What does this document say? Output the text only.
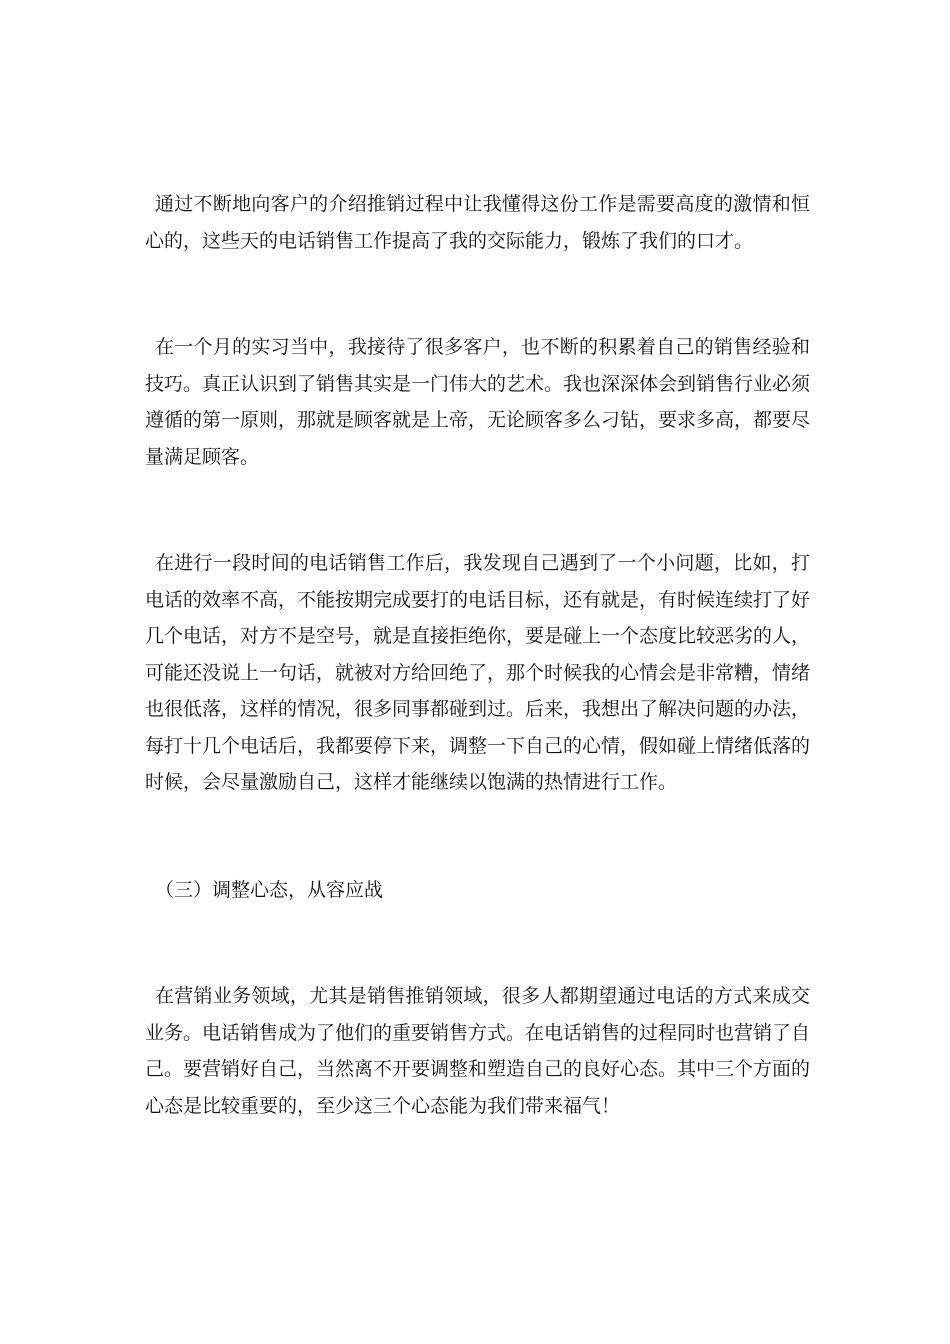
通过不断地向客户的介绍推销过程中让我懂得这份工作是需要高度的激情和恒心的，这些天的电话销售工作提高了我的交际能力，锻炼了我们的口才。

在一个月的实习当中，我接待了很多客户，也不断的积累着自己的销售经验和技巧。真正认识到了销售其实是一门伟大的艺术。我也深深体会到销售行业必须遵循的第一原则，那就是顾客就是上帝，无论顾客多么刁钻，要求多高，都要尽量满足顾客。

在进行一段时间的电话销售工作后，我发现自己遇到了一个小问题，比如，打电话的效率不高，不能按期完成要打的电话目标，还有就是，有时候连续打了好几个电话，对方不是空号，就是直接拒绝你，要是碰上一个态度比较恶劣的人，可能还没说上一句话，就被对方给回绝了，那个时候我的心情会是非常糟，情绪也很低落，这样的情况，很多同事都碰到过。后来，我想出了解决问题的办法，每打十几个电话后，我都要停下来，调整一下自己的心情，假如碰上情绪低落的时候，会尽量激励自己，这样才能继续以饱满的热情进行工作。

（三）调整心态，从容应战

在营销业务领域，尤其是销售推销领域，很多人都期望通过电话的方式来成交业务。电话销售成为了他们的重要销售方式。在电话销售的过程同时也营销了自己。要营销好自己，当然离不开要调整和塑造自己的良好心态。其中三个方面的心态是比较重要的，至少这三个心态能为我们带来福气！
